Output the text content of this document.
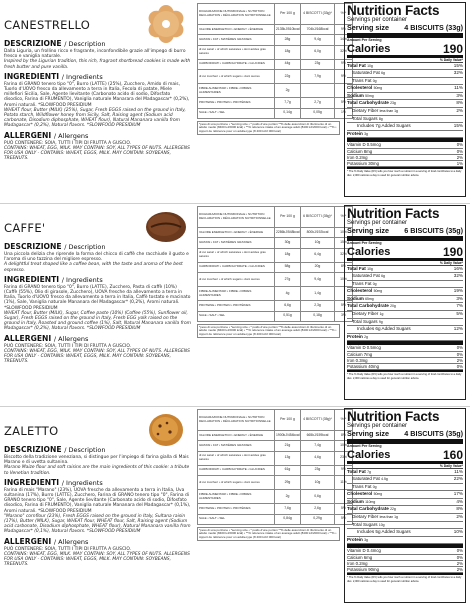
CANESTRELLO
DESCRIZIONE / Description

Dalla Liguria, un frollino ricco e fragrante, inconfondibile grazie all'impego di burro fresco e vaniglia naturale.

Inspired by the Ligurian tradition, this rich, fragrant shortbread cookies is made with fresh butter and pure vanilla.

INGREDIENTI / Ingredients

Farina di GRANO tenero tipo "0", Burro (LATTE) (25%), Zucchero, Amido di mais, Tuorlo d'UOVO fresco da allevamento a terra in Italia, Fecola di patate, Miele millefiori Sicilia, Sale, Agente lievitante (Carbonato acido di sodio, Difosfato disodico, Farina di FRUMENTO), Vaniglia naturale Manarara del Madagascar* (0,2%), Aromi naturali. *SLOWFOOD PRESIDIUM

WHEAT flour, Butter (MILK) (25%), Sugar, Fresh EGGS raised on the ground in Italy, Potato starch, Wildflower honey from Sicily, Salt, Raising agent (Sodium acid carbonate, Disodium diphosphate, WHEAT flour), Natural Mananara vanilla from Madagascar* (0,2%), Natural flavors. *SLOWFOOD PRESIDIUM

ALLERGENI / Allergens

PUÒ CONTENERE: SOIA, TUTTI I TIPI DI FRUTTA A GUSCIO.

CONTAINS: WHEAT, EGG, MILK. MAY CONTAIN: SOY, ALL TYPES OF NUTS. ALLERGENS FOR USA ONLY - CONTAINS: WHEAT, EGGS, MILK. MAY CONTAIN: SOYBEANS, TREENUTS.

DICHIARAZIONE NUTRIZIONALE • NUTRITION DECLARATION • DÉCLARATION NUTRITIONNELLE	Per 100 g	4 BISCOTTI (33g)*	%**
VALORE ENERGETICO • ENERGY • ÉNERGIE	2135kJ/510kcal	704kJ/168kcal	9%
GRASSI • FAT • MATIÈRES GRASSES	28g	9,4g	14%
di cui saturi • of which saturates • dont acides gras saturés	18g	6,0g	32%
CARBOIDRATI • CARBOHYDRATE • GLUCIDES	44g	23g	9%
di cui zuccheri • of which sugars • dont sucres	22g	7,9g	9%
FIBRE ALIMENTARI • FIBRE • FIBRES ALIMENTAIRES	2g		
PROTEINE • PROTEIN • PROTÉINES	7,7g	2,7g	5%
SALE • SALT • SEL	0,14g	0,05g	1%
*peso di una porzione • *serving size • * poids d'une portion **% delle assunzioni di riferimento di un adulto medio (8400 kJ/2000 kcal) • **% reference intake of an average adult (8400 kJ/2000 kcal) • **% • Apport de référence pour un adulte-type (8 400 kJ/2 000 kcal)
Nutrition Facts
Servings per container
Serving size 4 BISCUITS (33g)
Amount Per Serving
Calories	190
% Daily Value*
Total Fat 10g	15%
Saturated Fat 6g	32%
Trans Fat 0g
Cholesterol 50mg	11%
Sodium 50mg	3%
Total Carbohydrate 23g	8%
Dietary Fiber less than 1g	2%
Total Sugars 8g
Includes 7g Added Sugars	15%
Protein 3g
Vitamin D 0.5mcg	0%
Calcium 8mg	0%
Iron 0.2mg	2%
Potassium 30mg	1%
* The % Daily Value (DV) tells you how much a nutrient in a serving of food contributes to a daily diet. 2,000 calories a day is used for general nutrition advice.
CAFFE'
DESCRIZIONE / Description

Una piccola delizia che riprende la forma del chicco di caffè che racchiude il gusto e l'aroma di uno tazzina del migliore espresso.

A delightful treat shaped like a coffee bean, with the taste and aroma of the best espresso.

INGREDIENTI / Ingredients

Farina di GRANO tenero tipo "0", Burro (LATTE), Zucchero, Pasta di caffè (10%) (Caffè (55%), Olio di girasole, Zucchero), UOVA fresche da allevamento a terra in Italia, Tuorlo d'UOVO fresco da allevamento a terra in Italia, Caffè tostato e macinato (1%), Sale, Vaniglia naturale Mananara del Madagascar* (0,2%), Aromi naturali. *SLOWFOOD PRESIDIUM

WHEAT flour, Butter (MILK), Sugar, Coffee paste (10%) (Coffee (55%), Sunflower oil, Sugar), Fresh EGGS raised on the ground in Italy, Fresh EGG yolk raised on the ground in Italy, Roasted and ground coffee (1%), Salt, Natural Mananara vanilla from Madagascar* (0,2%), Natural flavors. *SLOWFOOD PRESIDIUM

ALLERGENI / Allergens

PUÒ CONTENERE: SOIA, TUTTI I TIPI DI FRUTTA A GUSCIO.

CONTAINS: WHEAT, EGG, MILK. MAY CONTAIN: SOY, ALL TYPES OF NUTS. ALLERGENS FOR USA ONLY - CONTAINS: WHEAT, EGGS, MILK. MAY CONTAIN: SOYBEANS, TREENUTS.

DICHIARAZIONE NUTRIZIONALE • NUTRITION DECLARATION • DÉCLARATION NUTRITIONNELLE	Per 100 g	6 BISCOTTI (35g)*	%**
VALORE ENERGETICO • ENERGY • ÉNERGIE	2286kJ/548kcal	800kJ/192kcal	10%
GRASSI • FAT • MATIÈRES GRASSES	30g	10g	15%
di cui saturi • of which saturates • dont acides gras saturés	18g	6,4g	32%
CARBOIDRATI • CARBOHYDRATE • GLUCIDES	58g	20g	8%
di cui zuccheri • of which sugars • dont sucres	27g	9,4g	10%
FIBRE ALIMENTARI • FIBRE • FIBRES ALIMENTAIRES	4g	1,4g	
PROTEINE • PROTEIN • PROTÉINES	6,6g	2,3g	5%
SALE • SALT • SEL	0,51g	0,18g	3%
*peso di una porzione • *serving size • * poids d'une portion **% delle assunzioni di riferimento di un adulto medio (8400 kJ/2000 kcal) • **% reference intake of an average adult (8400 kJ/2000 kcal) • **% • Apport de référence pour un adulte-type (8 400 kJ/2 000 kcal)
Nutrition Facts
Servings per container
Serving size 6 BISCUITS (35g)
Amount Per Serving
Calories	190
% Daily Value*
Total Fat 10g	16%
Saturated Fat 6g	32%
Trans Fat 0g
Cholesterol 50mg	19%
Sodium 65mg	3%
Total Carbohydrate 20g	7%
Dietary Fiber 1g	5%
Total Sugars 9g
Includes 6g Added Sugars	12%
Protein 2g
Vitamin D 0.5mcg	0%
Calcium 7mg	0%
Iron 0.3mg	2%
Potassium 40mg	0%
* The % Daily Value (DV) tells you how much a nutrient in a serving of food contributes to a daily diet. 2,000 calories a day is used for general nutrition advice.
ZALETTO
DESCRIZIONE / Description

Biscotto della tradizione veneziana, si distingue per l'impiego di farina gialla di Mais Marano e di uvetta sultanina.

Marano Maize flour and soft raisins are the main ingredients of this cookie: a tribute to Venetian tradition.

INGREDIENTI / Ingredients

Farina di mais "Marano" (23%), UOVA fresche da allevamento a terra in Italia, Uva sultanina (17%), Burro (LATTE), Zucchero, Farina di GRANO tenero tipo "0", Farina di GRANO tenero tipo "0", Sale, Agente lievitante (Carbonato acido di sodio, Difosfato disodico, Farina di FRUMENTO), Vaniglia naturale Mananara del Madagascar* (0,1%), Aromi naturali. *SLOWFOOD PRESIDIUM

"Marano" cornflour (23%), Fresh EGGS raised on the ground in Italy, Sultana raisin (17%), Butter (MILK), Sugar, WHEAT flour, WHEAT flour, Salt, Raising agent (Sodium acid carbonate, Disodium diphosphate, WHEAT flour), Natural Mananara vanilla from Madagascar* (0,1%), Natural flavors. *SLOWFOOD PRESIDIUM

ALLERGENI / Allergens

PUÒ CONTENERE: SOIA, TUTTI I TIPI DI FRUTTA A GUSCIO.

CONTAINS: WHEAT, EGG, MILK. MAY CONTAIN: SOY, ALL TYPES OF NUTS. ALLERGENS FOR USA ONLY - CONTAINS: WHEAT, EGGS, MILK. MAY CONTAIN: SOYBEANS, TREENUTS.

DICHIARAZIONE NUTRIZIONALE • NUTRITION DECLARATION • DÉCLARATION NUTRITIONNELLE	Per 100 g	4 BISCOTTI (35g)*	%**
VALORE ENERGETICO • ENERGY • ÉNERGIE	1900kJ/454kcal	665kJ/159kcal	8%
GRASSI • FAT • MATIÈRES GRASSES	21g	7,4g	10%
di cui saturi • of which saturates • dont acides gras saturés	13g	4,6g	23%
CARBOIDRATI • CARBOHYDRATE • GLUCIDES	61g	23g	9%
di cui zuccheri • of which sugars • dont sucres	29g	10g	11%
FIBRE ALIMENTARI • FIBRE • FIBRES ALIMENTAIRES	2g	0,6g	
PROTEINE • PROTEIN • PROTÉINES	7,6g	2,6g	5%
SALE • SALT • SEL	0,84g	0,29g	5%
*peso di una porzione • *serving size • * poids d'une portion **% delle assunzioni di riferimento di un adulto medio (8400 kJ/2000 kcal) • **% reference intake of an average adult (8400 kJ/2000 kcal) • **% • Apport de référence pour un adulte-type (8 400 kJ/2 000 kcal)
Nutrition Facts
Servings per container
Serving size 4 BISCUITS (35g)
Amount Per Serving
Calories	160
% Daily Value*
Total Fat 7g	11%
Saturated Fat 4.5g	22%
Trans Fat 0g
Cholesterol 50mg	17%
Sodium 110mg	4%
Total Carbohydrate 22g	8%
Dietary Fiber less than 1g	2%
Total Sugars 10g
Includes 5g Added Sugars	10%
Protein 3g
Vitamin D 0.4mcg	0%
Calcium 6mg	0%
Iron 0.2mg	2%
Potassium 90mg	2%
* The % Daily Value (DV) tells you how much a nutrient in a serving of food contributes to a daily diet. 2,000 calories a day is used for general nutrition advice.
